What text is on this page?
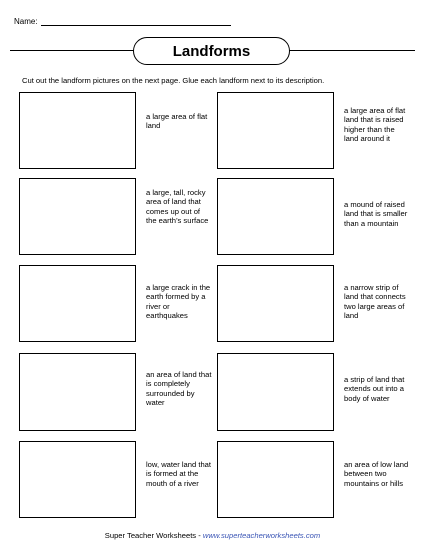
Name:
Landforms
Cut out the landform pictures on the next page. Glue each landform next to its description.
a large area of flat land
a large, tall, rocky area of land that comes up out of the earth’s surface
a large crack in the earth formed by a river or earthquakes
an area of land that is completely surrounded by water
low, water land that is formed at the mouth of a river
a large area of flat land that is raised higher than the land around it
a mound of raised land that is smaller than a mountain
a narrow strip of land that connects two large areas of land
a strip of land that extends out into a body of water
an area of low land between two mountains or hills
Super Teacher Worksheets - www.superteacherworksheets.com
